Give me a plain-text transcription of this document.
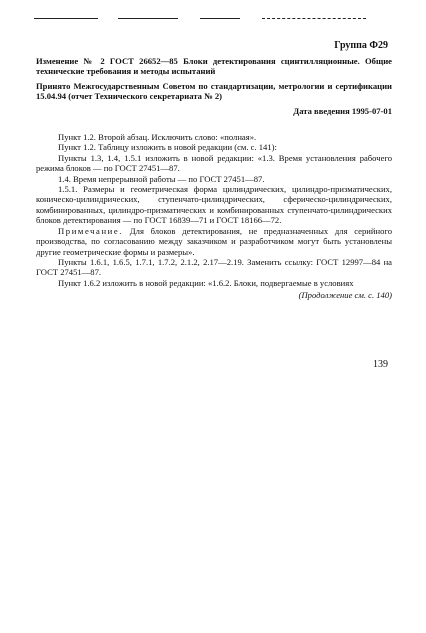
Группа Ф29

Изменение № 2 ГОСТ 26652—85 Блоки детектирования сцинтилляционные. Общие технические требования и методы испытаний

Принято Межгосударственным Советом по стандартизации, метрологии и сертификации 15.04.94 (отчет Технического секретариата № 2)

Дата введения 1995-07-01

Пункт 1.2. Второй абзац. Исключить слово: «полная».

Пункт 1.2. Таблицу изложить в новой редакции (см. с. 141):

Пункты 1.3, 1.4, 1.5.1 изложить в новой редакции: «1.3. Время установления рабочего режима блоков — по ГОСТ 27451—87.

1.4. Время непрерывной работы — по ГОСТ 27451—87.

1.5.1. Размеры и геометрическая форма цилиндрических, цилиндро-призматических, коническо-цилиндрических, ступенчато-цилиндрических, сферическо-цилиндрических, комбинированных, цилиндро-призматических и комбинированных ступенчато-цилиндрических блоков детектирования — по ГОСТ 16839—71 и ГОСТ 18166—72.

Примечание. Для блоков детектирования, не предназначенных для серийного производства, по согласованию между заказчиком и разработчиком могут быть установлены другие геометрические формы и размеры».

Пункты 1.6.1, 1.6.5, 1.7.1, 1.7.2, 2.1.2, 2.17—2.19. Заменить ссылку: ГОСТ 12997—84 на ГОСТ 27451—87.

Пункт 1.6.2 изложить в новой редакции: «1.6.2. Блоки, подвергаемые в условиях

(Продолжение см. с. 140)

139
